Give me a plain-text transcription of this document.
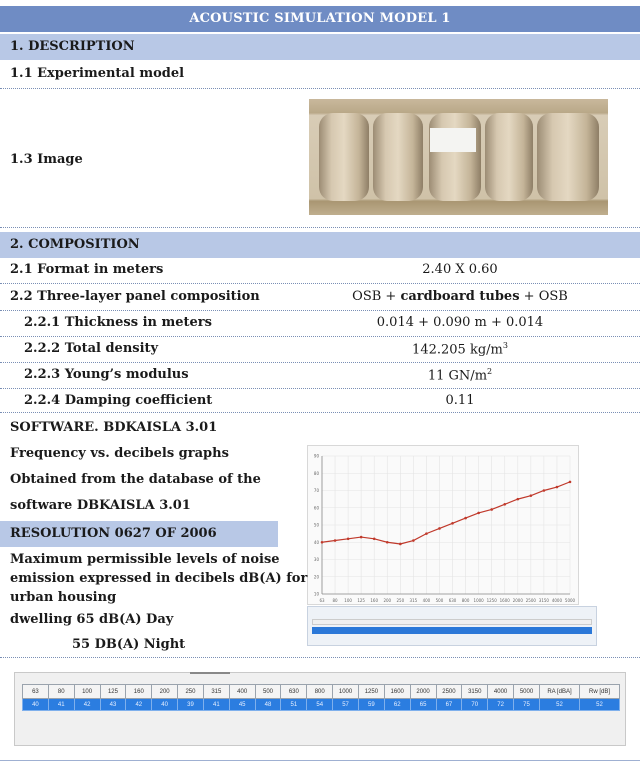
ACOUSTIC SIMULATION MODEL 1
1. DESCRIPTION
1.1 Experimental model
1.3 Image
2. COMPOSITION
2.1 Format in meters	2.40 X 0.60
2.2 Three-layer panel composition	OSB + cardboard tubes + OSB
2.2.1 Thickness in meters	0.014 + 0.090 m + 0.014
2.2.2 Total density	142.205 $kg/m^3$
2.2.3 Young’s modulus	11 $GN/m^2$
2.2.4 Damping coefficient	0.11
SOFTWARE. BDKAISLA 3.01
Frequency vs. decibels graphs
Obtained from the database of the
software DBKAISLA 3.01
63 80 100 125 160 200 250 315 400 500 630 800 1000 1250 1600 2000 2500 3150 4000 5000
10
20
30
40
50
60
70
80
90
RESOLUTION 0627 OF 2006
Maximum permissible levels of noise
emission expressed in decibels dB(A) for
urban housing
dwelling 65 dB(A) Day
55 DB(A) Night
63	80	100	125	160	200	250	315	400	500	630	800	1000	1250	1600	2000	2500	3150	4000	5000	RA [dBA]	Rw [dB]
40	41	42	43	42	40	39	41	45	48	51	54	57	59	62	65	67	70	72	75	52	52
